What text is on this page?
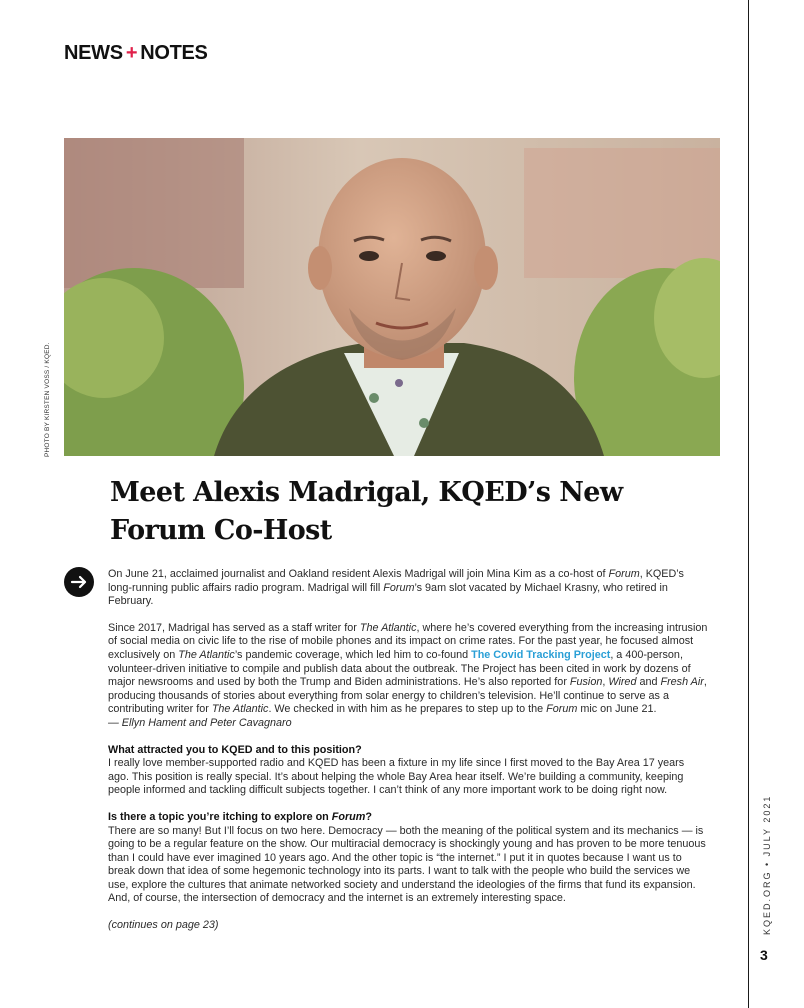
NEWS + NOTES
PHOTO BY KIRSTEN VOSS / KQED.
Meet Alexis Madrigal, KQED’s New
Forum Co-Host

On June 21, acclaimed journalist and Oakland resident Alexis Madrigal will join Mina Kim as a co-host of Forum, KQED’s long-running public affairs radio program. Madrigal will fill Forum’s 9am slot vacated by Michael Krasny, who retired in February.

Since 2017, Madrigal has served as a staff writer for The Atlantic, where he’s covered everything from the increasing intrusion of social media on civic life to the rise of mobile phones and its impact on crime rates. For the past year, he focused almost exclusively on The Atlantic’s pandemic coverage, which led him to co-found The Covid Tracking Project, a 400-person, volunteer-driven initiative to compile and publish data about the outbreak. The Project has been cited in work by dozens of major newsrooms and used by both the Trump and Biden administrations. He’s also reported for Fusion, Wired and Fresh Air, producing thousands of stories about everything from solar energy to children’s television. He’ll continue to serve as a contributing writer for The Atlantic. We checked in with him as he prepares to step up to the Forum mic on June 21.
— Ellyn Hament and Peter Cavagnaro

What attracted you to KQED and to this position?
I really love member-supported radio and KQED has been a fixture in my life since I first moved to the Bay Area 17 years ago. This position is really special. It’s about helping the whole Bay Area hear itself. We’re building a community, keeping people informed and tackling difficult subjects together. I can’t think of any more important work to be doing right now.

Is there a topic you’re itching to explore on Forum?
There are so many! But I’ll focus on two here. Democracy — both the meaning of the political system and its mechanics — is going to be a regular feature on the show. Our multiracial democracy is shockingly young and has proven to be more tenuous than I could have ever imagined 10 years ago. And the other topic is “the internet.” I put it in quotes because I want us to break down that idea of some hegemonic technology into its parts. I want to talk with the people who build the services we use, explore the cultures that animate networked society and understand the ideologies of the firms that fund its expansion. And, of course, the intersection of democracy and the internet is an extremely interesting space.

(continues on page 23)	KQED.ORG • JULY 2021
3
